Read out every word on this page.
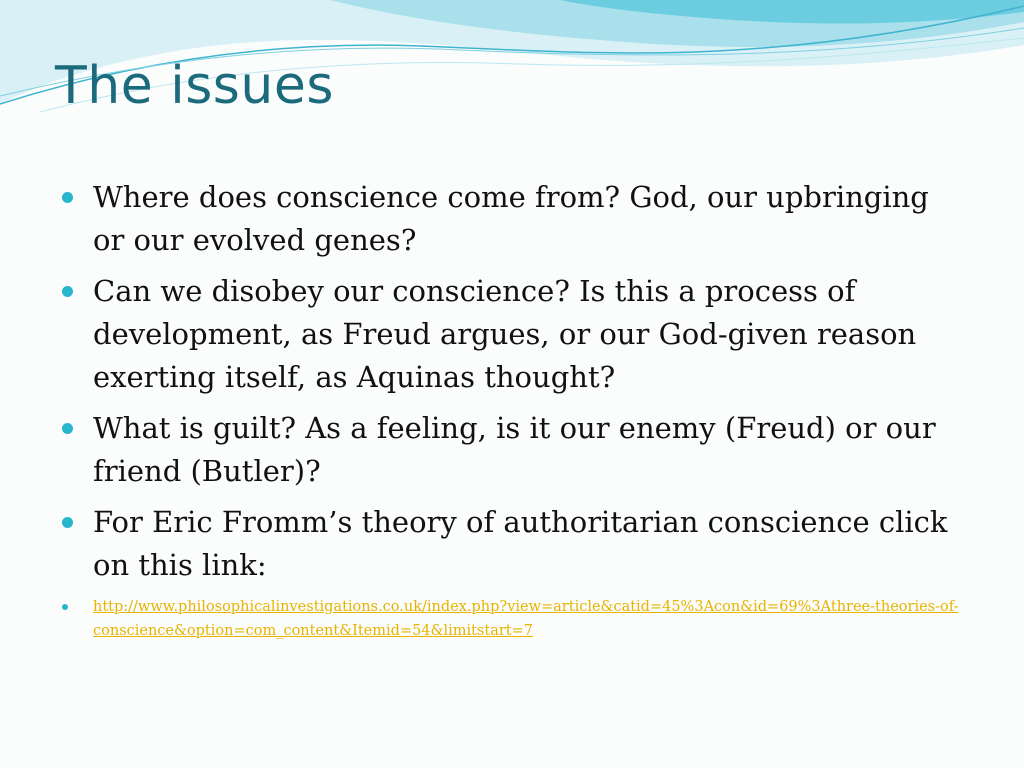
The issues
Where does conscience come from? God, our upbringing or our evolved genes?
Can we disobey our conscience? Is this a process of development, as Freud argues, or our God-given reason exerting itself, as Aquinas thought?
What is guilt? As a feeling, is it our enemy (Freud) or our friend (Butler)?
For Eric Fromm’s theory of authoritarian conscience click on this link:
http://www.philosophicalinvestigations.co.uk/index.php?view=article&catid=45%3Acon&id=69%3Athree-theories-of-conscience&option=com_content&Itemid=54&limitstart=7
